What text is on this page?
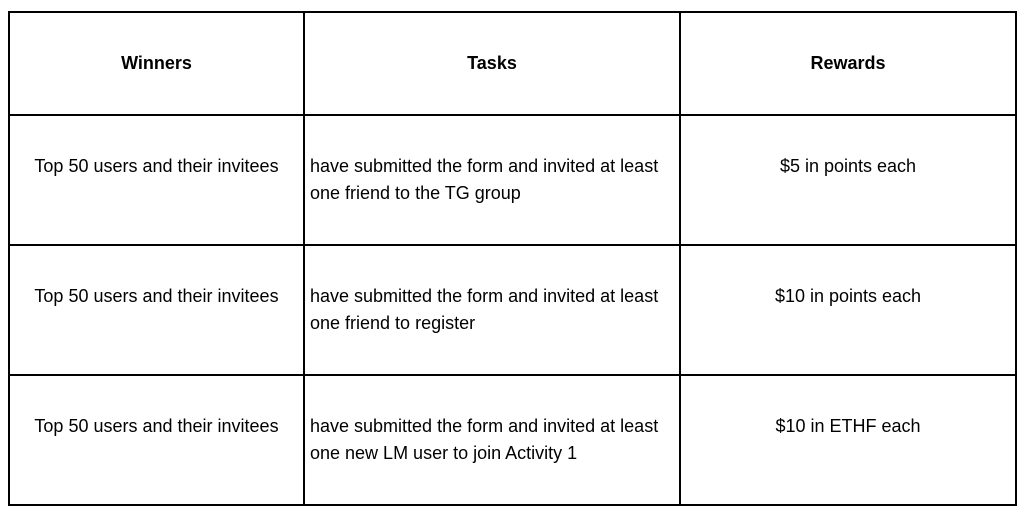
Winners	Tasks	Rewards
Top 50 users and their invitees	have submitted the form and invited at least one friend to the TG group	$5 in points each
Top 50 users and their invitees	have submitted the form and invited at least one friend to register	$10 in points each
Top 50 users and their invitees	have submitted the form and invited at least one new LM user to join Activity 1	$10 in ETHF each
